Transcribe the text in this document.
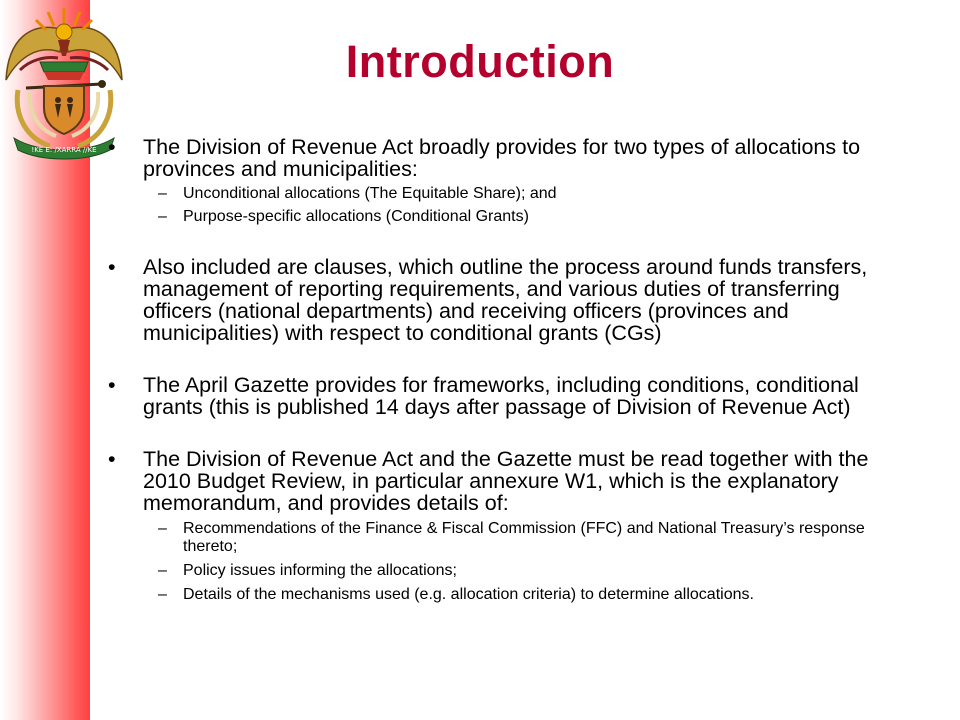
!KE E: /XARRA //KE
Introduction
• The Division of Revenue Act broadly provides for two types of allocations to provinces and municipalities:
– Unconditional allocations (The Equitable Share); and
– Purpose-specific allocations (Conditional Grants)
• Also included are clauses, which outline the process around funds transfers, management of reporting requirements, and various duties of transferring officers (national departments) and receiving officers (provinces and municipalities) with respect to conditional grants (CGs)
• The April Gazette provides for frameworks, including conditions, conditional grants (this is published 14 days after passage of Division of Revenue Act)
• The Division of Revenue Act and the Gazette must be read together with the 2010 Budget Review, in particular annexure W1, which is the explanatory memorandum, and provides details of:
– Recommendations of the Finance & Fiscal Commission (FFC) and National Treasury’s response thereto;
– Policy issues informing the allocations;
– Details of the mechanisms used (e.g. allocation criteria) to determine allocations.
